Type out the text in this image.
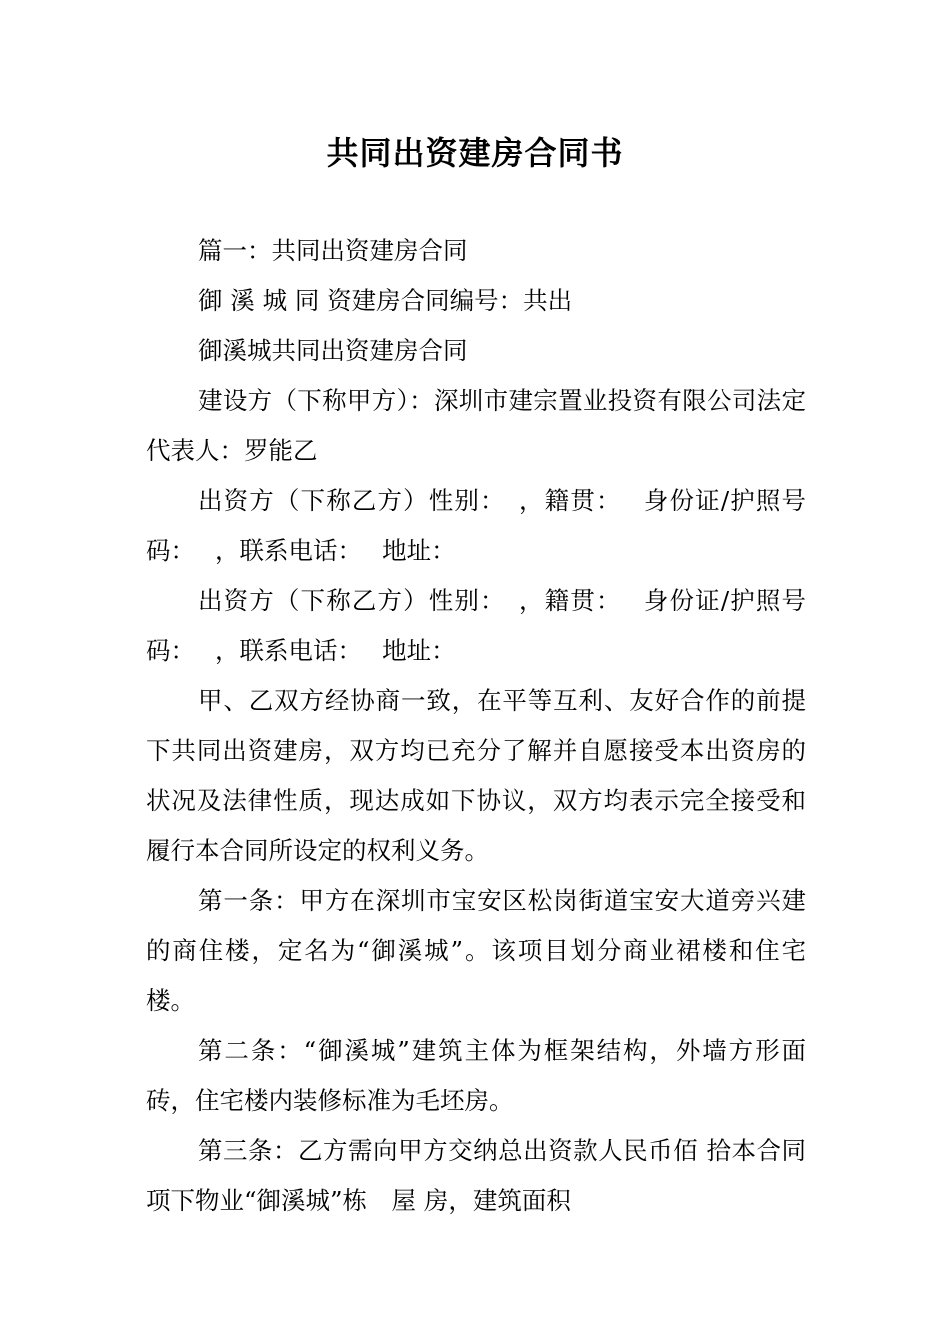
共同出资建房合同书

篇一：共同出资建房合同

御 溪 城 同 资建房合同编号：共出

御溪城共同出资建房合同

建设方（下称甲方）：深圳市建宗置业投资有限公司法定代表人：罗能乙

出资方（下称乙方）性别：　，籍贯：　 身份证/护照号码：　 ，联系电话：　 地址：

出资方（下称乙方）性别：　，籍贯：　 身份证/护照号码：　 ，联系电话：　 地址：

甲、乙双方经协商一致，在平等互利、友好合作的前提下共同出资建房，双方均已充分了解并自愿接受本出资房的状况及法律性质，现达成如下协议，双方均表示完全接受和履行本合同所设定的权利义务。

第一条：甲方在深圳市宝安区松岗街道宝安大道旁兴建的商住楼，定名为“御溪城”。该项目划分商业裙楼和住宅楼。

第二条：“御溪城”建筑主体为框架结构，外墙方形面砖，住宅楼内装修标准为毛坯房。

第三条：乙方需向甲方交纳总出资款人民币佰 拾本合同项下物业“御溪城”栋　屋 房，建筑面积
